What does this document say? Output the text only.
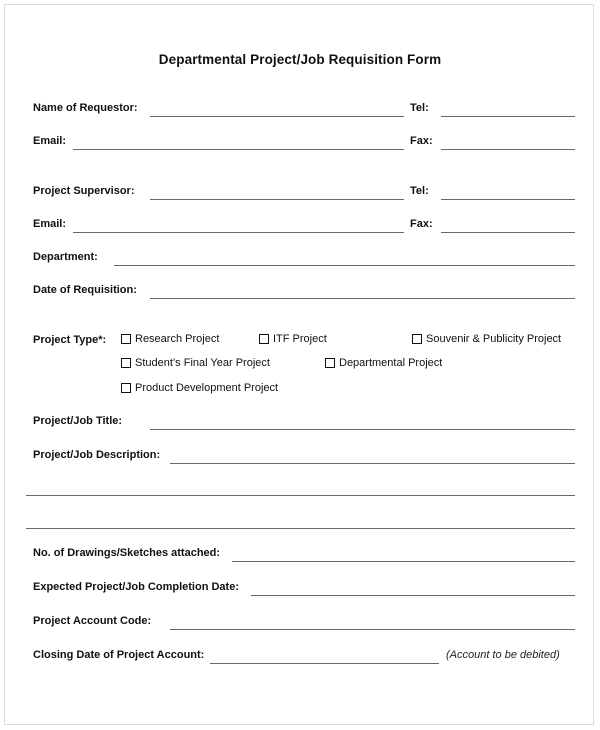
Departmental Project/Job Requisition Form
Name of Requestor:	Tel:
Email:	Fax:
Project Supervisor:	Tel:
Email:	Fax:
Department:
Date of Requisition:
Project Type*:	Research Project	ITF Project	Souvenir & Publicity Project
Student’s Final Year Project	Departmental Project
Product Development Project
Project/Job Title:
Project/Job Description:
No. of Drawings/Sketches attached:
Expected Project/Job Completion Date:
Project Account Code:
Closing Date of Project Account:	(Account to be debited)
